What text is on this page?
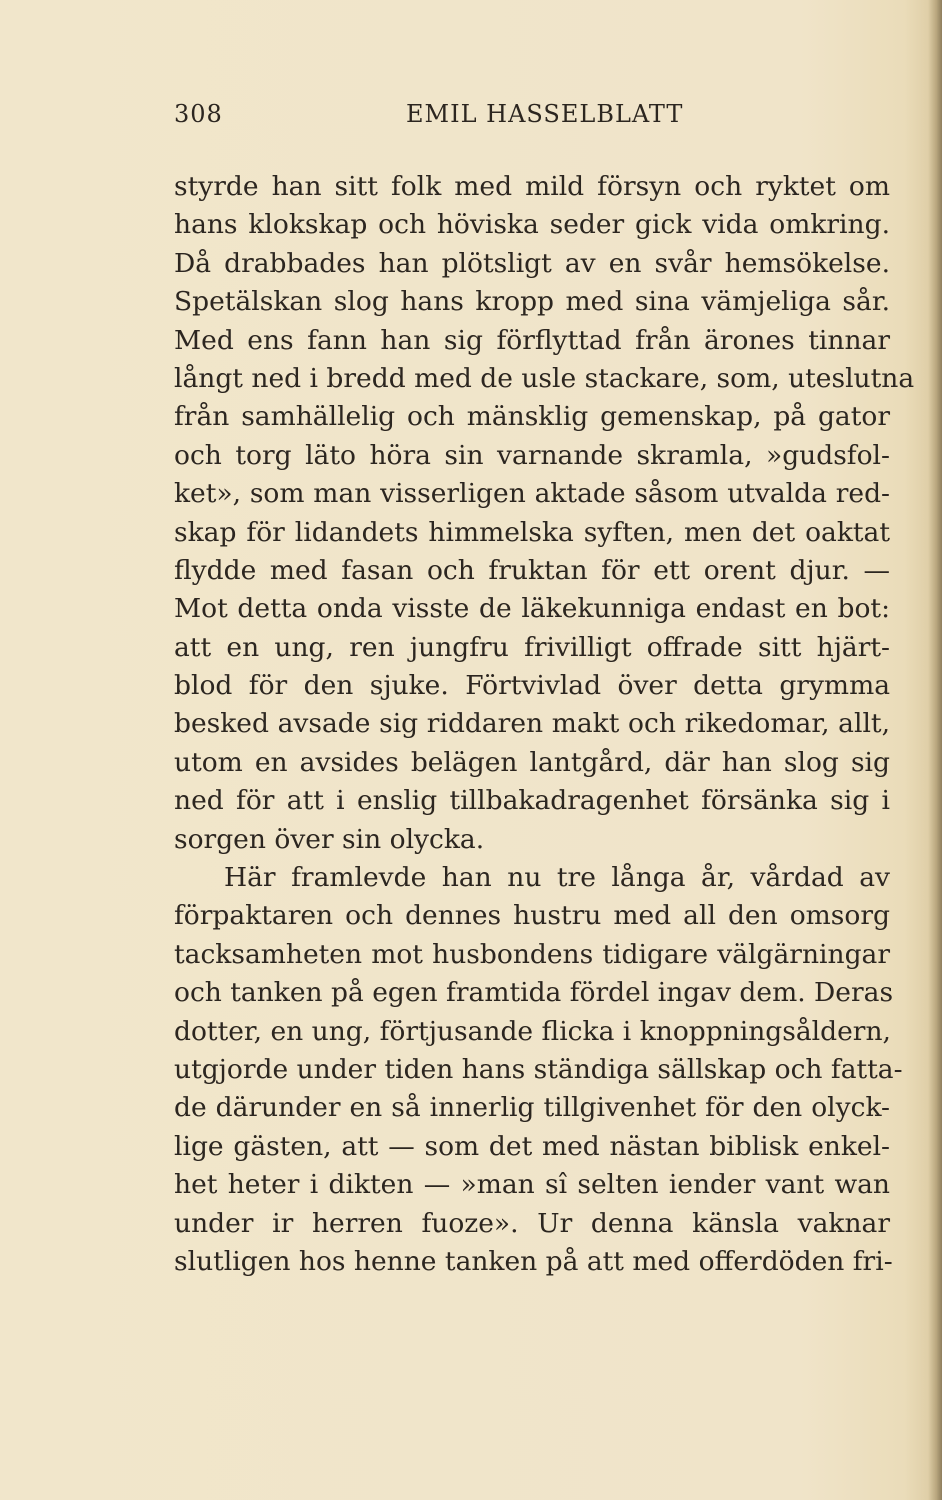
308	EMIL HASSELBLATT
styrde han sitt folk med mild försyn och ryktet om
hans klokskap och höviska seder gick vida omkring.
Då drabbades han plötsligt av en svår hemsökelse.
Spetälskan slog hans kropp med sina vämjeliga sår.
Med ens fann han sig förflyttad från ärones tinnar
långt ned i bredd med de usle stackare, som, uteslutna
från samhällelig och mänsklig gemenskap, på gator
och torg läto höra sin varnande skramla, »gudsfol-
ket», som man visserligen aktade såsom utvalda red-
skap för lidandets himmelska syften, men det oaktat
flydde med fasan och fruktan för ett orent djur. —
Mot detta onda visste de läkekunniga endast en bot:
att en ung, ren jungfru frivilligt offrade sitt hjärt-
blod för den sjuke. Förtvivlad över detta grymma
besked avsade sig riddaren makt och rikedomar, allt,
utom en avsides belägen lantgård, där han slog sig
ned för att i enslig tillbakadragenhet försänka sig i
sorgen över sin olycka.
Här framlevde han nu tre långa år, vårdad av
förpaktaren och dennes hustru med all den omsorg
tacksamheten mot husbondens tidigare välgärningar
och tanken på egen framtida fördel ingav dem. Deras
dotter, en ung, förtjusande flicka i knoppningsåldern,
utgjorde under tiden hans ständiga sällskap och fatta-
de därunder en så innerlig tillgivenhet för den olyck-
lige gästen, att — som det med nästan biblisk enkel-
het heter i dikten — »man sî selten iender vant wan
under ir herren fuoze». Ur denna känsla vaknar
slutligen hos henne tanken på att med offerdöden fri-
